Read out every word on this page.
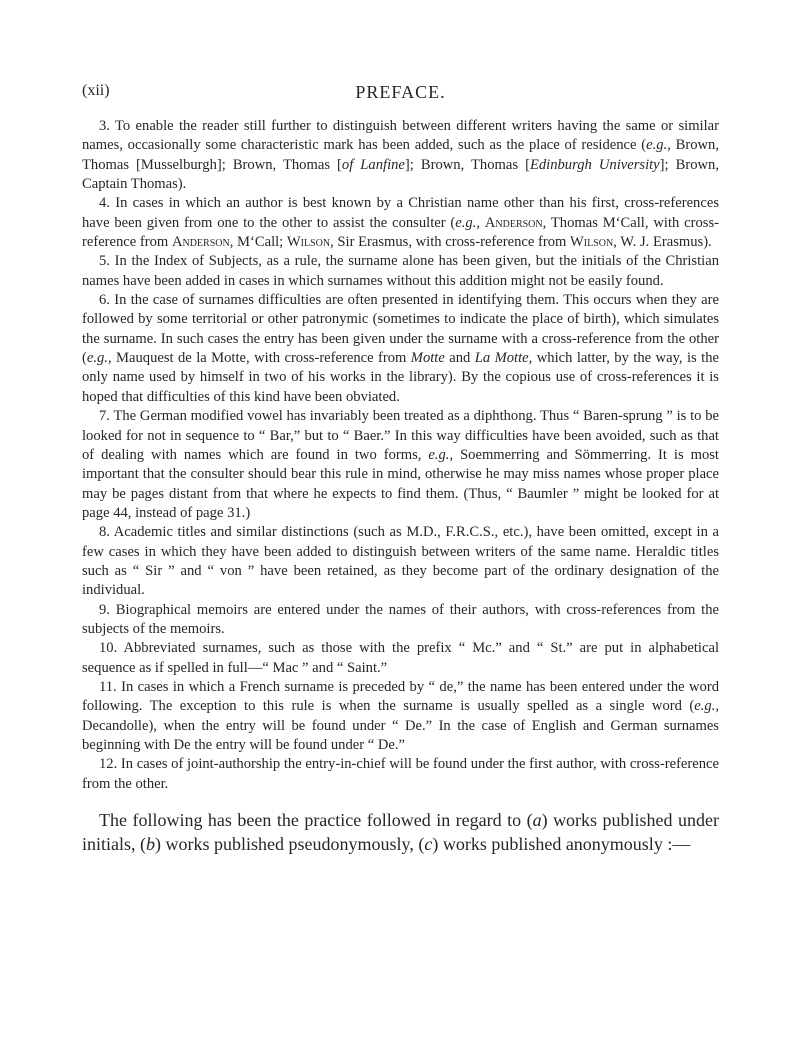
(xii)	PREFACE.

3. To enable the reader still further to distinguish between different writers having the same or similar names, occasionally some characteristic mark has been added, such as the place of residence (e.g., Brown, Thomas [Musselburgh]; Brown, Thomas [of Lanfine]; Brown, Thomas [Edinburgh University]; Brown, Captain Thomas).

4. In cases in which an author is best known by a Christian name other than his first, cross-references have been given from one to the other to assist the consulter (e.g., Anderson, Thomas M‘Call, with cross-reference from Anderson, M‘Call; Wilson, Sir Erasmus, with cross-reference from Wilson, W. J. Erasmus).

5. In the Index of Subjects, as a rule, the surname alone has been given, but the initials of the Christian names have been added in cases in which surnames without this addition might not be easily found.

6. In the case of surnames difficulties are often presented in identifying them. This occurs when they are followed by some territorial or other patronymic (sometimes to indicate the place of birth), which simulates the surname. In such cases the entry has been given under the surname with a cross-reference from the other (e.g., Mauquest de la Motte, with cross-reference from Motte and La Motte, which latter, by the way, is the only name used by himself in two of his works in the library). By the copious use of cross-references it is hoped that difficulties of this kind have been obviated.

7. The German modified vowel has invariably been treated as a diphthong. Thus “ Baren-sprung ” is to be looked for not in sequence to “ Bar,” but to “ Baer.” In this way difficulties have been avoided, such as that of dealing with names which are found in two forms, e.g., Soemmerring and Sömmerring. It is most important that the consulter should bear this rule in mind, otherwise he may miss names whose proper place may be pages distant from that where he expects to find them. (Thus, “ Baumler ” might be looked for at page 44, instead of page 31.)

8. Academic titles and similar distinctions (such as M.D., F.R.C.S., etc.), have been omitted, except in a few cases in which they have been added to distinguish between writers of the same name. Heraldic titles such as “ Sir ” and “ von ” have been retained, as they become part of the ordinary designation of the individual.

9. Biographical memoirs are entered under the names of their authors, with cross-references from the subjects of the memoirs.

10. Abbreviated surnames, such as those with the prefix “ Mc.” and “ St.” are put in alphabetical sequence as if spelled in full—“ Mac ” and “ Saint.”

11. In cases in which a French surname is preceded by “ de,” the name has been entered under the word following. The exception to this rule is when the surname is usually spelled as a single word (e.g., Decandolle), when the entry will be found under “ De.” In the case of English and German surnames beginning with De the entry will be found under “ De.”

12. In cases of joint-authorship the entry-in-chief will be found under the first author, with cross-reference from the other.

The following has been the practice followed in regard to (a) works published under initials, (b) works published pseudonymously, (c) works published anonymously :—
